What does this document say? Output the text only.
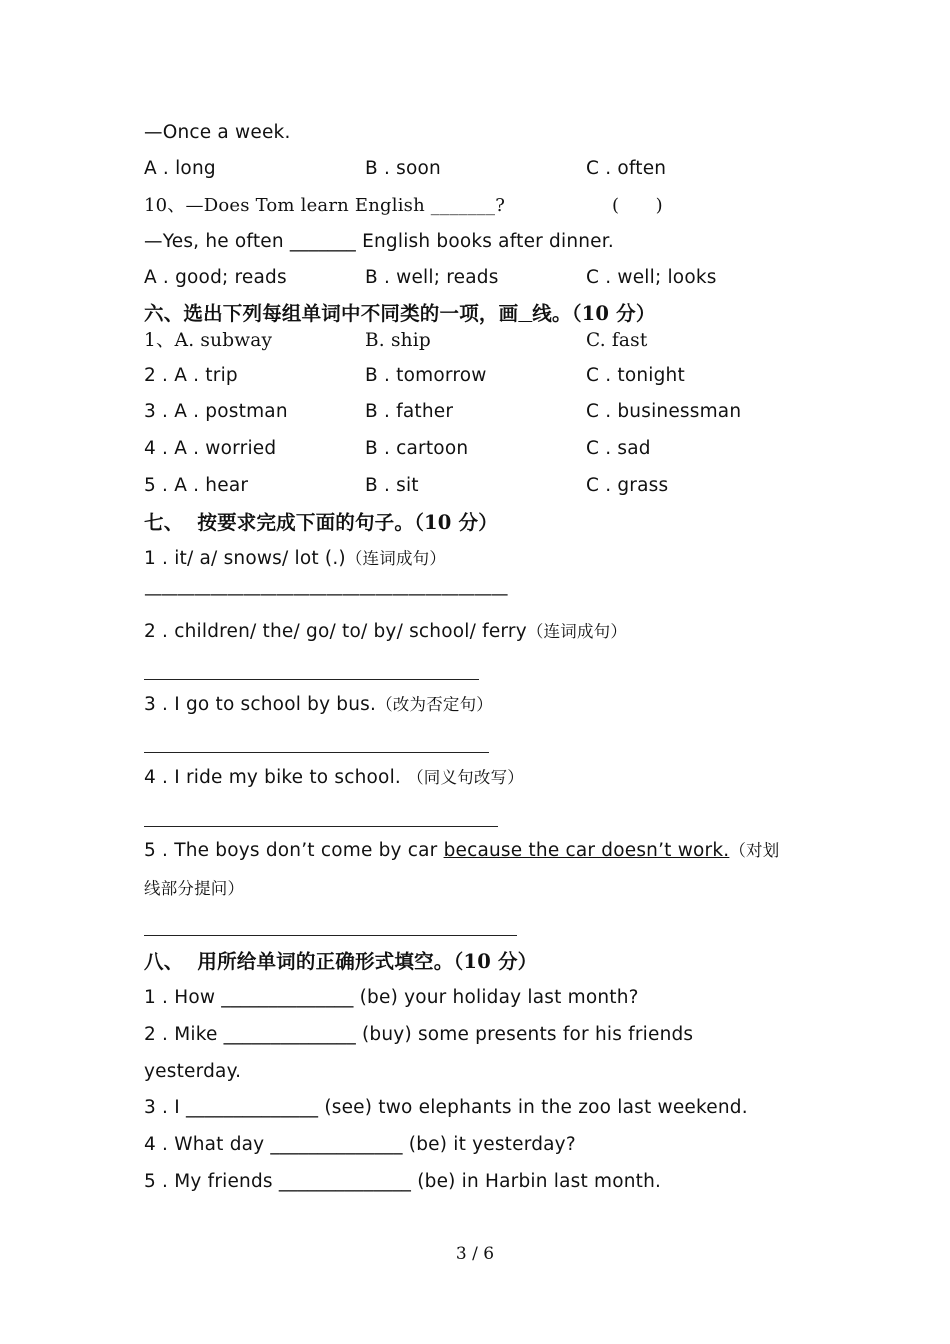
—Once a week.
A . long	B . soon	C . often
10、—Does Tom learn English _______?	(　　)
—Yes, he often _______ English books after dinner.
A . good; reads	B . well; reads	C . well; looks
六、选出下列每组单词中不同类的一项，画 线。（10 分）
1、A. subway	B. ship	C. fast
2 . A . trip	B . tomorrow	C . tonight
3 . A . postman	B . father	C . businessman
4 . A . worried	B . cartoon	C . sad
5 . A . hear	B . sit	C . grass
七、  按要求完成下面的句子。（10 分）
1 . it/ a/ snows/ lot (.)（连词成句）
——————————————————————
2 . children/ the/ go/ to/ by/ school/ ferry（连词成句）
3 . I go to school by bus.（改为否定句）
4 . I ride my bike to school. （同义句改写）
5 . The boys don’t come by car because the car doesn’t work.（对划
线部分提问）
八、  用所给单词的正确形式填空。（10 分）
1 . How ______________ (be) your holiday last month?
2 . Mike ______________ (buy) some presents for his friends
yesterday.
3 . I ______________ (see) two elephants in the zoo last weekend.
4 . What day ______________ (be) it yesterday?
5 . My friends ______________ (be) in Harbin last month.
3 / 6
